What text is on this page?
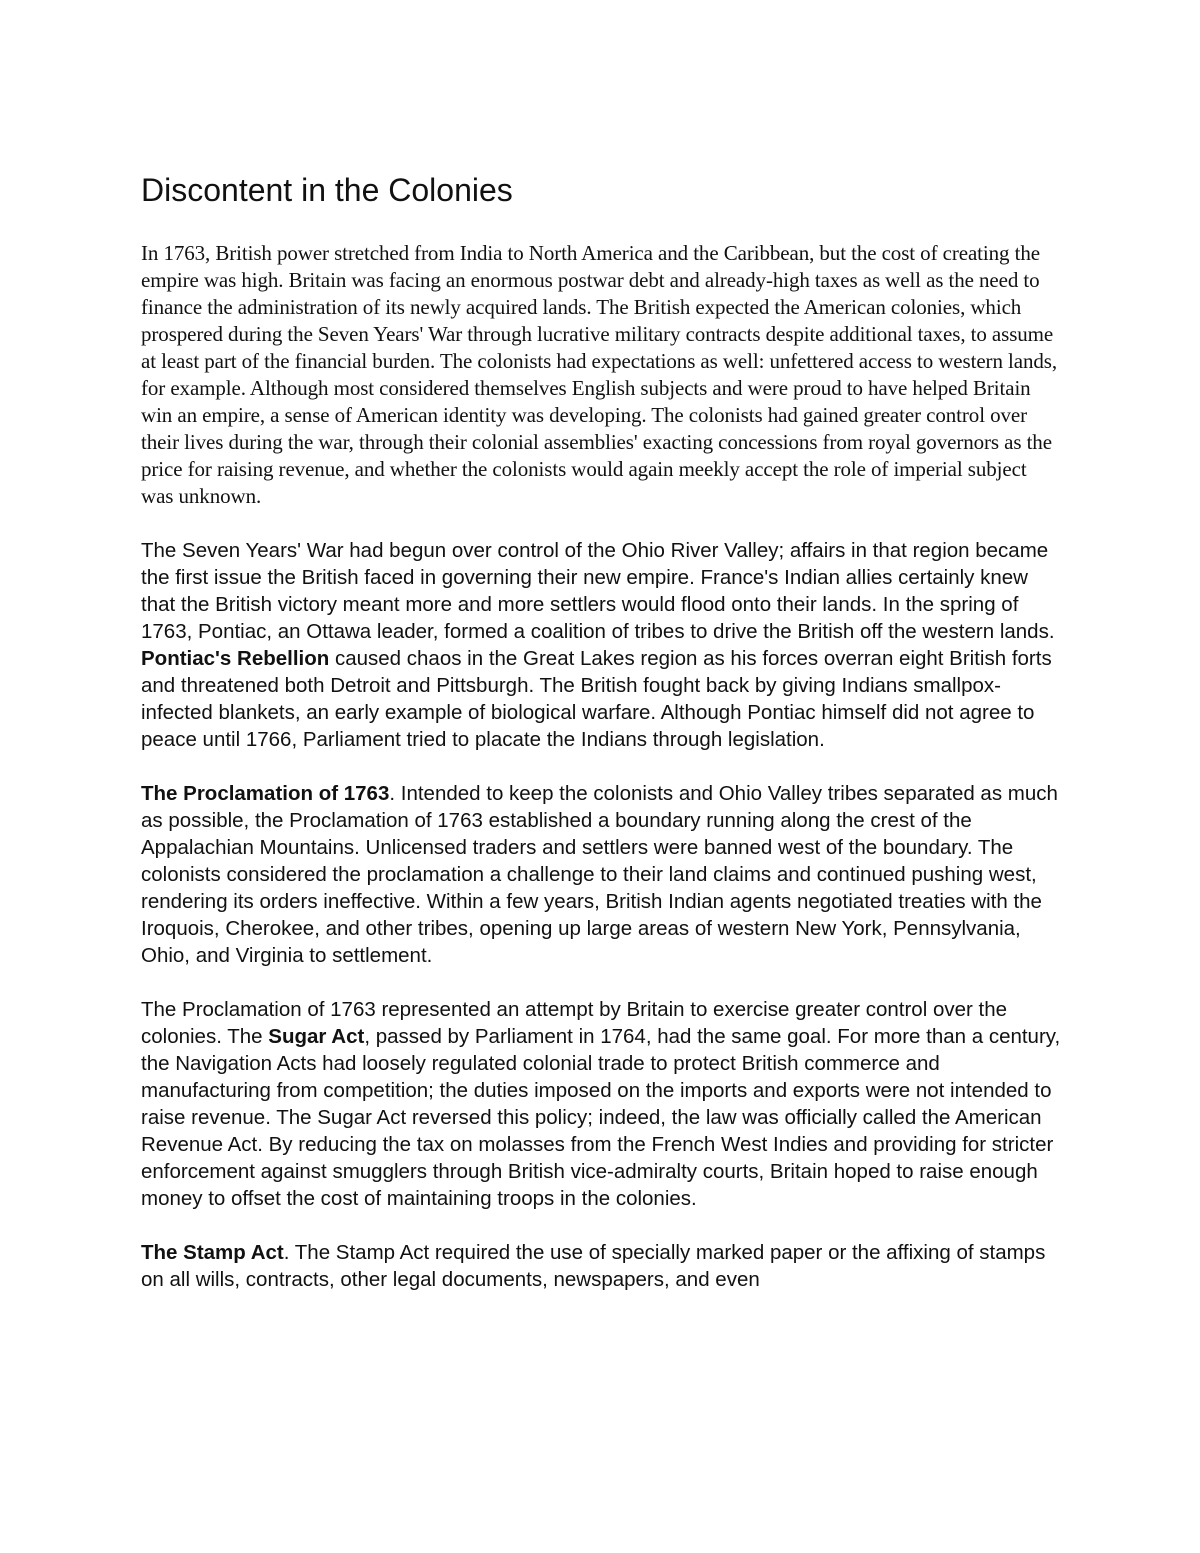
Discontent in the Colonies

In 1763, British power stretched from India to North America and the Caribbean, but the cost of creating the empire was high. Britain was facing an enormous postwar debt and already-high taxes as well as the need to finance the administration of its newly acquired lands. The British expected the American colonies, which prospered during the Seven Years' War through lucrative military contracts despite additional taxes, to assume at least part of the financial burden. The colonists had expectations as well: unfettered access to western lands, for example. Although most considered themselves English subjects and were proud to have helped Britain win an empire, a sense of American identity was developing. The colonists had gained greater control over their lives during the war, through their colonial assemblies' exacting concessions from royal governors as the price for raising revenue, and whether the colonists would again meekly accept the role of imperial subject was unknown.

The Seven Years' War had begun over control of the Ohio River Valley; affairs in that region became the first issue the British faced in governing their new empire. France's Indian allies certainly knew that the British victory meant more and more settlers would flood onto their lands. In the spring of 1763, Pontiac, an Ottawa leader, formed a coalition of tribes to drive the British off the western lands. Pontiac's Rebellion caused chaos in the Great Lakes region as his forces overran eight British forts and threatened both Detroit and Pittsburgh. The British fought back by giving Indians smallpox-infected blankets, an early example of biological warfare. Although Pontiac himself did not agree to peace until 1766, Parliament tried to placate the Indians through legislation.

The Proclamation of 1763. Intended to keep the colonists and Ohio Valley tribes separated as much as possible, the Proclamation of 1763 established a boundary running along the crest of the Appalachian Mountains. Unlicensed traders and settlers were banned west of the boundary. The colonists considered the proclamation a challenge to their land claims and continued pushing west, rendering its orders ineffective. Within a few years, British Indian agents negotiated treaties with the Iroquois, Cherokee, and other tribes, opening up large areas of western New York, Pennsylvania, Ohio, and Virginia to settlement.

The Proclamation of 1763 represented an attempt by Britain to exercise greater control over the colonies. The Sugar Act, passed by Parliament in 1764, had the same goal. For more than a century, the Navigation Acts had loosely regulated colonial trade to protect British commerce and manufacturing from competition; the duties imposed on the imports and exports were not intended to raise revenue. The Sugar Act reversed this policy; indeed, the law was officially called the American Revenue Act. By reducing the tax on molasses from the French West Indies and providing for stricter enforcement against smugglers through British vice-admiralty courts, Britain hoped to raise enough money to offset the cost of maintaining troops in the colonies.

The Stamp Act. The Stamp Act required the use of specially marked paper or the affixing of stamps on all wills, contracts, other legal documents, newspapers, and even
